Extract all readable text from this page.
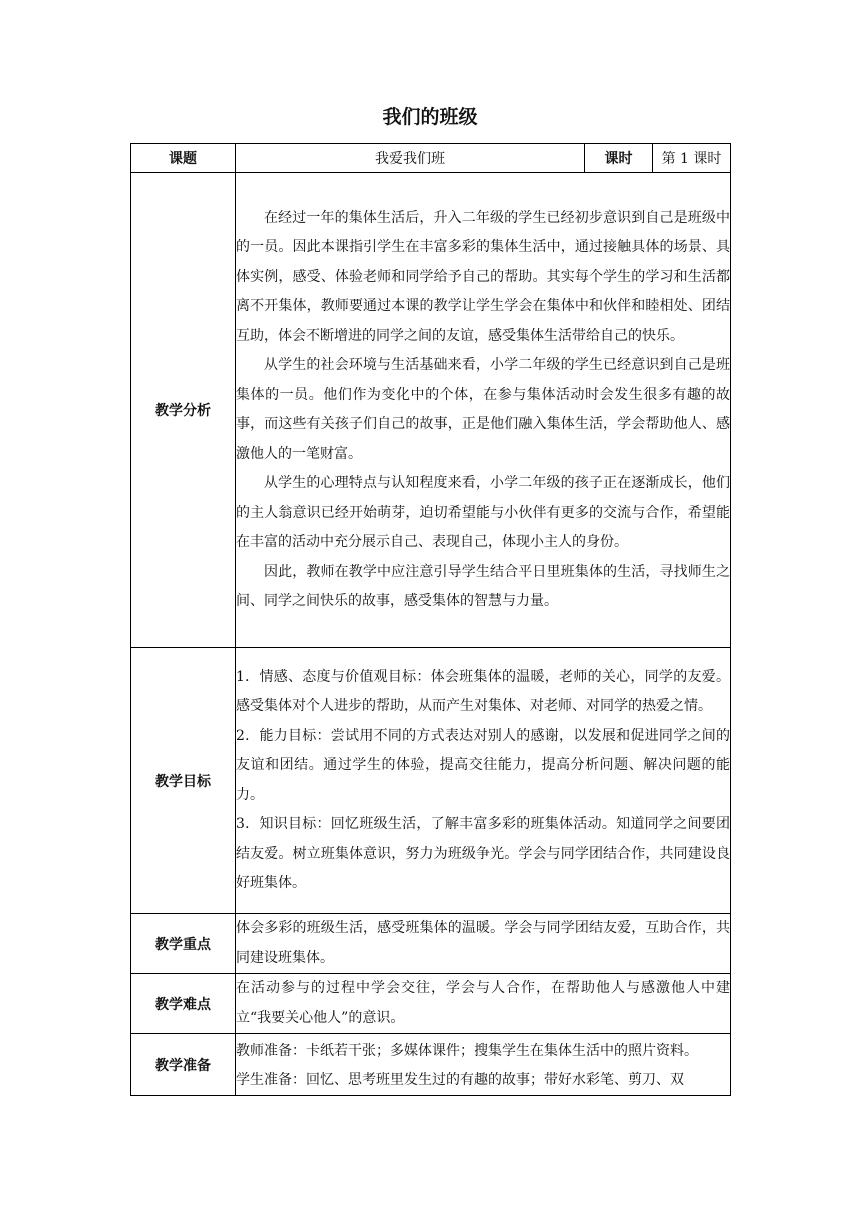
我们的班级
课题	我爱我们班	课时	第 1 课时
教学分析	在经过一年的集体生活后，升入二年级的学生已经初步意识到自己是班级中的一员。因此本课指引学生在丰富多彩的集体生活中，通过接触具体的场景、具体实例，感受、体验老师和同学给予自己的帮助。其实每个学生的学习和生活都离不开集体，教师要通过本课的教学让学生学会在集体中和伙伴和睦相处、团结互助，体会不断增进的同学之间的友谊，感受集体生活带给自己的快乐。

从学生的社会环境与生活基础来看，小学二年级的学生已经意识到自己是班集体的一员。他们作为变化中的个体，在参与集体活动时会发生很多有趣的故事，而这些有关孩子们自己的故事，正是他们融入集体生活，学会帮助他人、感激他人的一笔财富。

从学生的心理特点与认知程度来看，小学二年级的孩子正在逐渐成长，他们的主人翁意识已经开始萌芽，迫切希望能与小伙伴有更多的交流与合作，希望能在丰富的活动中充分展示自己、表现自己，体现小主人的身份。

因此，教师在教学中应注意引导学生结合平日里班集体的生活，寻找师生之间、同学之间快乐的故事，感受集体的智慧与力量。		

教学目标	1．情感、态度与价值观目标：体会班集体的温暖，老师的关心，同学的友爱。感受集体对个人进步的帮助，从而产生对集体、对老师、对同学的热爱之情。

2．能力目标：尝试用不同的方式表达对别人的感谢，以发展和促进同学之间的友谊和团结。通过学生的体验，提高交往能力，提高分析问题、解决问题的能力。

3．知识目标：回忆班级生活，了解丰富多彩的班集体活动。知道同学之间要团结友爱。树立班集体意识，努力为班级争光。学会与同学团结合作，共同建设良好班集体。		

教学重点	体会多彩的班级生活，感受班集体的温暖。学会与同学团结友爱，互助合作，共同建设班集体。		

教学难点	在活动参与的过程中学会交往，学会与人合作，在帮助他人与感激他人中建立“我要关心他人”的意识。		

教学准备	教师准备：卡纸若干张；多媒体课件；搜集学生在集体生活中的照片资料。

学生准备：回忆、思考班里发生过的有趣的故事；带好水彩笔、剪刀、双		
